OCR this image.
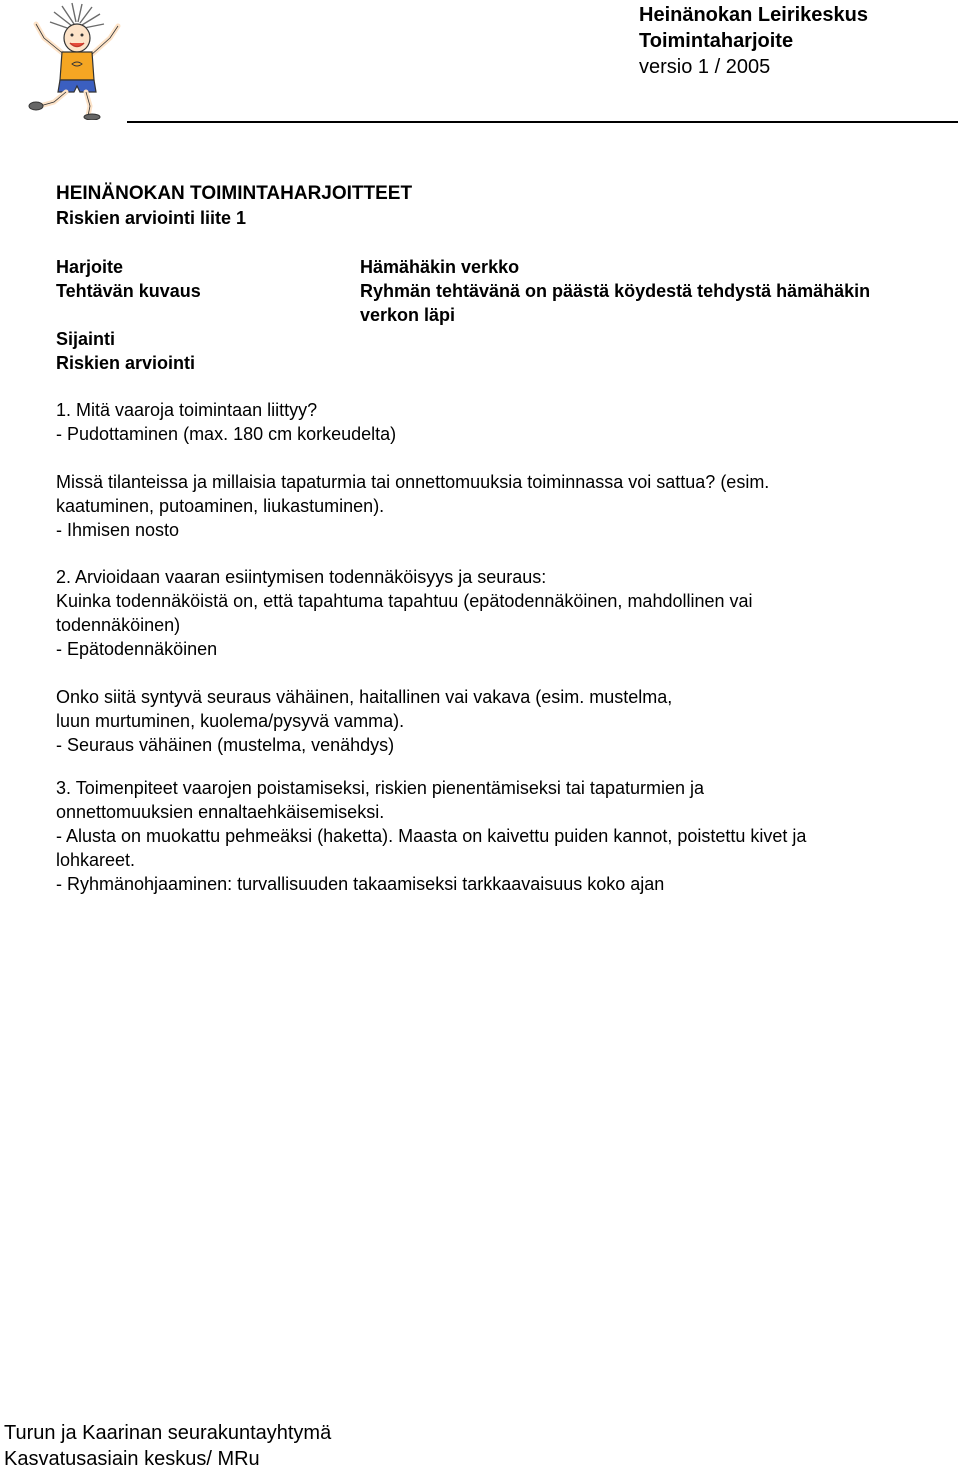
Heinänokan Leirikeskus
Toimintaharjoite
versio 1 / 2005
HEINÄNOKAN TOIMINTAHARJOITTEET
Riskien arviointi liite 1
Harjoite
Tehtävän kuvaus
Sijainti
Riskien arviointi
Hämähäkin verkko
Ryhmän tehtävänä on päästä köydestä tehdystä hämähäkin
verkon läpi
1. Mitä vaaroja toimintaan liittyy?
- Pudottaminen (max. 180 cm korkeudelta)
Missä tilanteissa ja millaisia tapaturmia tai onnettomuuksia toiminnassa voi sattua? (esim.
kaatuminen, putoaminen, liukastuminen).
- Ihmisen nosto
2. Arvioidaan vaaran esiintymisen todennäköisyys ja seuraus:
Kuinka todennäköistä on, että tapahtuma tapahtuu (epätodennäköinen, mahdollinen vai
todennäköinen)
- Epätodennäköinen
Onko siitä syntyvä seuraus vähäinen, haitallinen vai vakava (esim. mustelma,
luun murtuminen, kuolema/pysyvä vamma).
- Seuraus vähäinen (mustelma, venähdys)
3. Toimenpiteet vaarojen poistamiseksi, riskien pienentämiseksi tai tapaturmien ja
onnettomuuksien ennaltaehkäisemiseksi.
- Alusta on muokattu pehmeäksi (haketta). Maasta on kaivettu puiden kannot, poistettu kivet ja
lohkareet.
- Ryhmänohjaaminen: turvallisuuden takaamiseksi tarkkaavaisuus koko ajan
Turun ja Kaarinan seurakuntayhtymä
Kasvatusasiain keskus/ MRu
